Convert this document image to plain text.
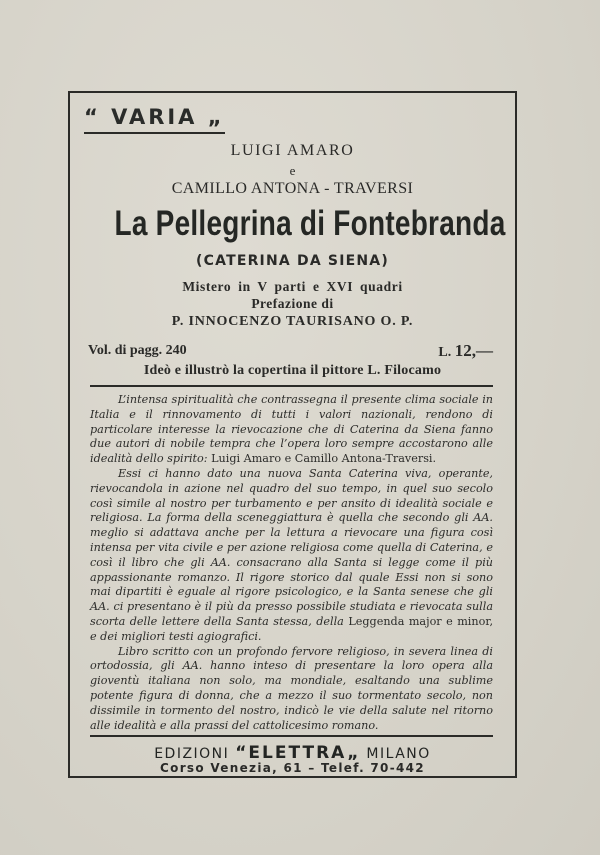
“ VARIA „
LUIGI AMARO
e
CAMILLO ANTONA - TRAVERSI
La Pellegrina di Fontebranda
(CATERINA DA SIENA)
Mistero in V parti e XVI quadri
Prefazione di
P. INNOCENZO TAURISANO O. P.
Vol. di pagg. 240	L. 12,—
Ideò e illustrò la copertina il pittore L. Filocamo

L’intensa spiritualità che contrassegna il presente clima sociale in Italia e il rinnovamento di tutti i valori nazionali, rendono di particolare interesse la rievocazione che di Caterina da Siena fanno due autori di nobile tempra che l’opera loro sempre accostarono alle idealità dello spirito: Luigi Amaro e Camillo Antona-Traversi.

Essi ci hanno dato una nuova Santa Caterina viva, operante, rievocandola in azione nel quadro del suo tempo, in quel suo secolo così simile al nostro per turbamento e per ansito di idealità sociale e religiosa. La forma della sceneggiattura è quella che secondo gli AA. meglio si adattava anche per la lettura a rievocare una figura così intensa per vita civile e per azione religiosa come quella di Caterina, e così il libro che gli AA. consacrano alla Santa si legge come il più appassionante romanzo. Il rigore storico dal quale Essi non si sono mai dipartiti è eguale al rigore psicologico, e la Santa senese che gli AA. ci presentano è il più da presso possibile studiata e rievocata sulla scorta delle lettere della Santa stessa, della Leggenda major e minor, e dei migliori testi agiografici.

Libro scritto con un profondo fervore religioso, in severa linea di ortodossia, gli AA. hanno inteso di presentare la loro opera alla gioventù italiana non solo, ma mondiale, esaltando una sublime potente figura di donna, che a mezzo il suo tormentato secolo, non dissimile in tormento del nostro, indicò le vie della salute nel ritorno alle idealità e alla prassi del cattolicesimo romano.

EDIZIONI “ELETTRA„ MILANO
Corso Venezia, 61 – Telef. 70-442
